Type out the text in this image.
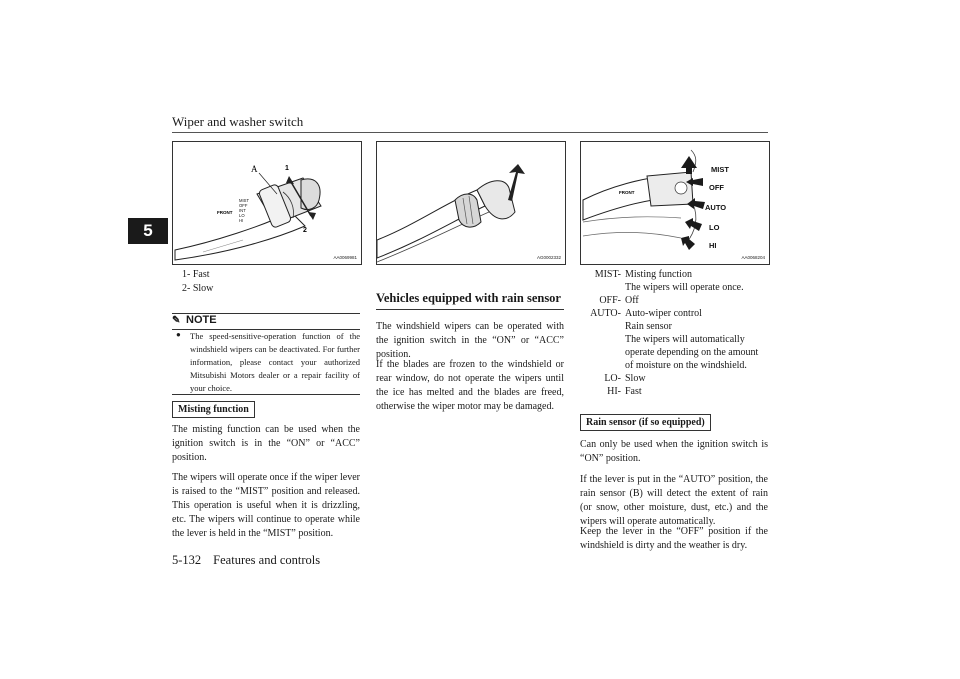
Wiper and washer switch
5
5-132 Features and controls
A	1
2
MIST
OFF
INT
LO
HI
FRONT
AA0069981
1- Fast
2- Slow
✎ NOTE
● The speed-sensitive-operation function of the windshield wipers can be deactivated. For further information, please contact your authorized Mitsubishi Motors dealer or a repair facility of your choice.
Misting function
The misting function can be used when the ignition switch is in the “ON” or “ACC” position.
The wipers will operate once if the wiper lever is raised to the “MIST” position and released. This operation is useful when it is drizzling, etc. The wipers will continue to operate while the lever is held in the “MIST” position.
AG0002332
Vehicles equipped with rain sensor
The windshield wipers can be operated with the ignition switch in the “ON” or “ACC” position.
If the blades are frozen to the windshield or rear window, do not operate the wipers until the ice has melted and the blades are freed, otherwise the wiper motor may be damaged.
MIST
OFF
AUTO
LO
HI
FRONT
AA0068204
MIST- Misting function
The wipers will operate once.
OFF- Off
AUTO- Auto-wiper control
Rain sensor
The wipers will automatically
operate depending on the amount
of moisture on the windshield.
LO- Slow
HI- Fast
Rain sensor (if so equipped)
Can only be used when the ignition switch is “ON” position.
If the lever is put in the “AUTO” position, the rain sensor (B) will detect the extent of rain (or snow, other moisture, dust, etc.) and the wipers will operate automatically.
Keep the lever in the “OFF” position if the windshield is dirty and the weather is dry.
